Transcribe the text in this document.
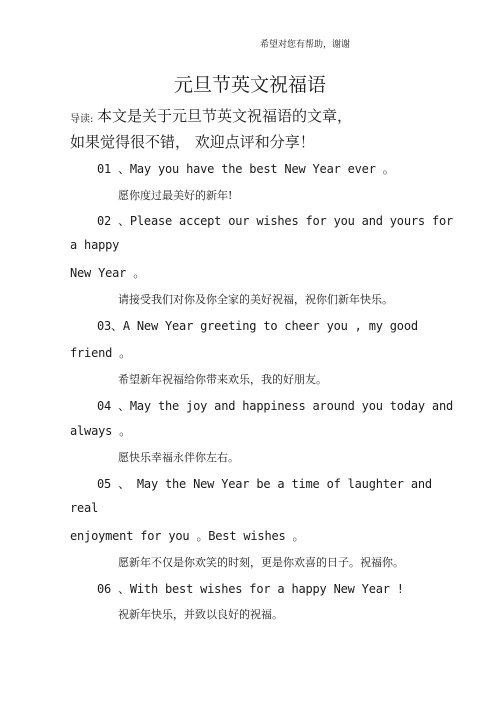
希望对您有帮助，谢谢
元旦节英文祝福语
导读: 本文是关于元旦节英文祝福语的文章，
如果觉得很不错， 欢迎点评和分享！
01 、May you have the best New Year ever 。
愿你度过最美好的新年!
02 、Please accept our wishes for you and yours for
a happy
New Year 。
请接受我们对你及你全家的美好祝福，祝你们新年快乐。
03、A New Year greeting to cheer you , my good
friend 。
希望新年祝福给你带来欢乐，我的好朋友。
04 、May the joy and happiness around you today and
always 。
愿快乐幸福永伴你左右。
05 、 May the New Year be a time of laughter and
real
enjoyment for you 。Best wishes 。
愿新年不仅是你欢笑的时刻，更是你欢喜的日子。祝福你。
06 、With best wishes for a happy New Year !
祝新年快乐，并致以良好的祝福。
